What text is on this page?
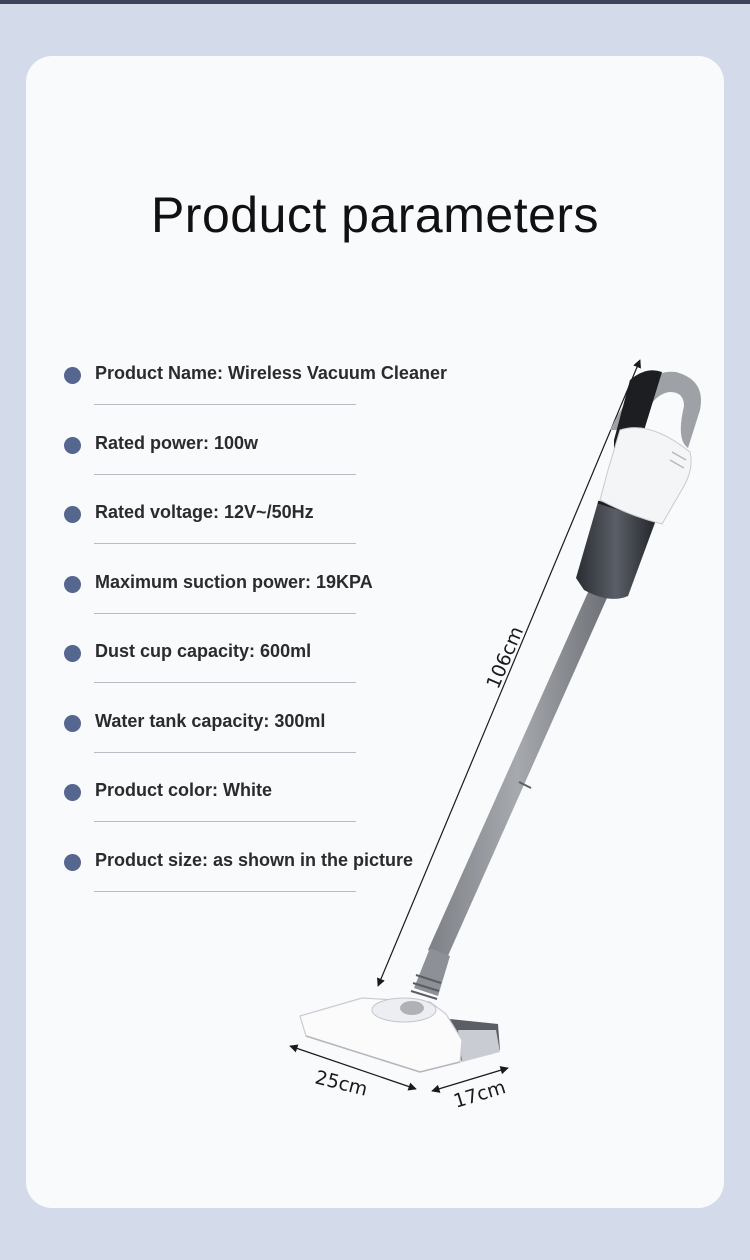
Product parameters
Product Name: Wireless Vacuum Cleaner
Rated power: 100w
Rated voltage: 12V~/50Hz
Maximum suction power: 19KPA
Dust cup capacity: 600ml
Water tank capacity: 300ml
Product color: White
Product size: as shown in the picture
106cm
25cm	17cm
